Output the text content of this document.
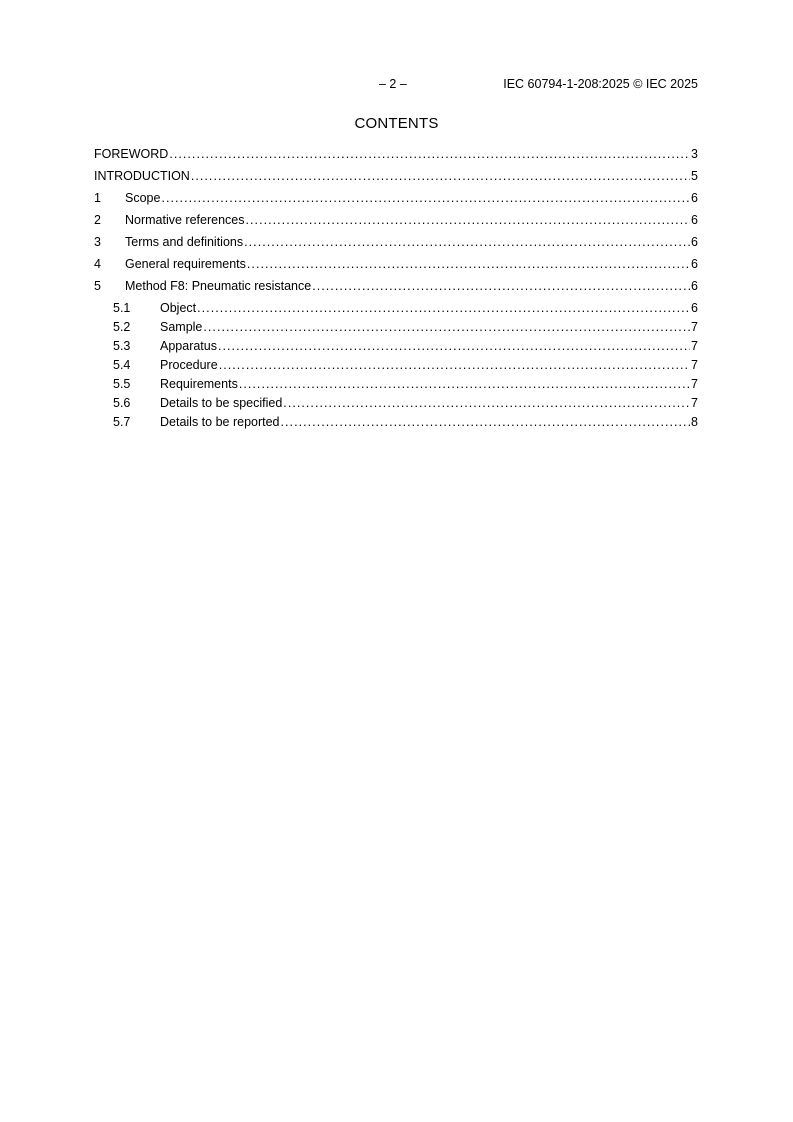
– 2 –	IEC 60794-1-208:2025 © IEC 2025
CONTENTS
FOREWORD .....	3
INTRODUCTION .....	5
1	Scope .....	6
2	Normative references .....	6
3	Terms and definitions .....	6
4	General requirements .....	6
5	Method F8: Pneumatic resistance .....	6
5.1	Object .....	6
5.2	Sample .....	7
5.3	Apparatus .....	7
5.4	Procedure .....	7
5.5	Requirements .....	7
5.6	Details to be specified .....	7
5.7	Details to be reported .....	8
